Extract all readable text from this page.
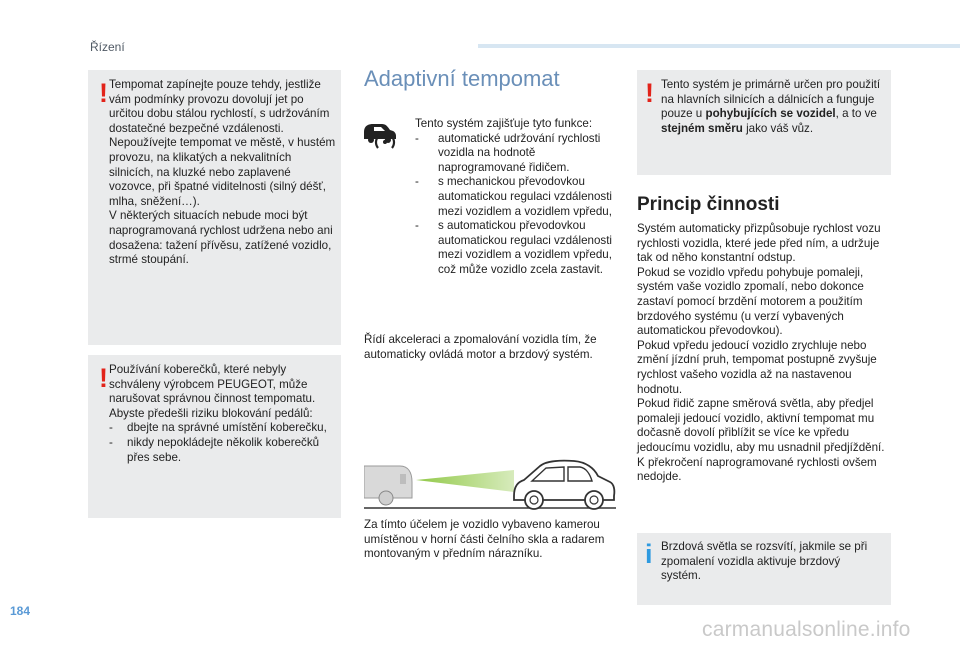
Řízení
! Tempomat zapínejte pouze tehdy, jestliže vám podmínky provozu dovolují jet po určitou dobu stálou rychlostí, s udržováním dostatečné bezpečné vzdálenosti.

Nepoužívejte tempomat ve městě, v hustém provozu, na klikatých a nekvalitních silnicích, na kluzké nebo zaplavené vozovce, při špatné viditelnosti (silný déšť, mlha, sněžení…).

V některých situacích nebude moci být naprogramovaná rychlost udržena nebo ani dosažena: tažení přívěsu, zatížené vozidlo, strmé stoupání.

! Používání koberečků, které nebyly schváleny výrobcem PEUGEOT, může narušovat správnou činnost tempomatu.

Abyste předešli riziku blokování pedálů:

- dbejte na správné umístění koberečku,

- nikdy nepokládejte několik koberečků přes sebe.

Adaptivní tempomat

Tento systém zajišťuje tyto funkce:

- automatické udržování rychlosti vozidla na hodnotě naprogramované řidičem.

- s mechanickou převodovkou automatickou regulaci vzdálenosti mezi vozidlem a vozidlem vpředu,

- s automatickou převodovkou automatickou regulaci vzdálenosti mezi vozidlem a vozidlem vpředu, což může vozidlo zcela zastavit.

Řídí akceleraci a zpomalování vozidla tím, že automaticky ovládá motor a brzdový systém.

Za tímto účelem je vozidlo vybaveno kamerou umístěnou v horní části čelního skla a radarem montovaným v předním nárazníku.

! Tento systém je primárně určen pro použití na hlavních silnicích a dálnicích a funguje pouze u pohybujících se vozidel, a to ve stejném směru jako váš vůz.

Princip činnosti

Systém automaticky přizpůsobuje rychlost vozu rychlosti vozidla, které jede před ním, a udržuje tak od něho konstantní odstup.

Pokud se vozidlo vpředu pohybuje pomaleji, systém vaše vozidlo zpomalí, nebo dokonce zastaví pomocí brzdění motorem a použitím brzdového systému (u verzí vybavených automatickou převodovkou).

Pokud vpředu jedoucí vozidlo zrychluje nebo změní jízdní pruh, tempomat postupně zvyšuje rychlost vašeho vozidla až na nastavenou hodnotu.

Pokud řidič zapne směrová světla, aby předjel pomaleji jedoucí vozidlo, aktivní tempomat mu dočasně dovolí přiblížit se více ke vpředu jedoucímu vozidlu, aby mu usnadnil předjíždění. K překročení naprogramované rychlosti ovšem nedojde.

i Brzdová světla se rozsvítí, jakmile se při zpomalení vozidla aktivuje brzdový systém.

184
carmanualsonline.info
